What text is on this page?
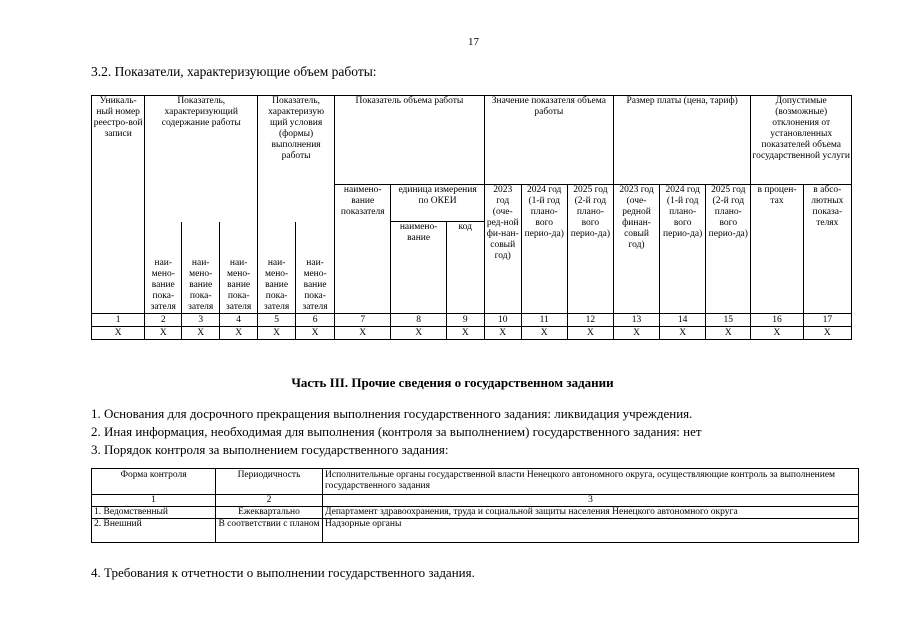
17
3.2. Показатели, характеризующие объем работы:
Уникаль-ный номер реестро-вой записи	Показатель, характеризующий содержание работы			Показатель, характеризую щий условия (формы) выполнения работы		Показатель объема работы			Значение показателя объема работы			Размер платы (цена, тариф)			Допустимые (возможные) отклонения от установленных показателей объема государственной услуги	
						наимено-вание показателя	единица измерения по ОКЕИ		2023 год (оче-ред-ной фи-нан-совый год)	2024 год (1-й год плано-вого перио-да)	2025 год (2-й год плано-вого перио-да)	2023 год (оче-редной финан-совый год)	2024 год (1-й год плано-вого перио-да)	2025 год (2-й год плано-вого перио-да)	в процен-тах	в абсо-лютных показа-телях
	наи-мено-вание пока-зателя	наи-мено-вание пока-зателя	наи-мено-вание пока-зателя	наи-мено-вание пока-зателя	наи-мено-вание пока-зателя		наимено-вание	код								
1	2	3	4	5	6	7	8	9	10	11	12	13	14	15	16	17
Х	Х	Х	Х	Х	Х	Х	Х	Х	Х	Х	Х	Х	Х	Х	Х	Х
Часть III. Прочие сведения о государственном задании
1. Основания для досрочного прекращения выполнения государственного задания: ликвидация учреждения.
2. Иная информация, необходимая для выполнения (контроля за выполнением) государственного задания: нет
3. Порядок контроля за выполнением государственного задания:
Форма контроля	Периодичность	Исполнительные органы государственной власти Ненецкого автономного округа, осуществляющие контроль за выполнением государственного задания
1	2	3
1. Ведомственный	Ежеквартально	Департамент здравоохранения, труда и социальной защиты населения Ненецкого автономного округа
2. Внешний	В соответствии с планом	Надзорные органы
4. Требования к отчетности о выполнении государственного задания.
